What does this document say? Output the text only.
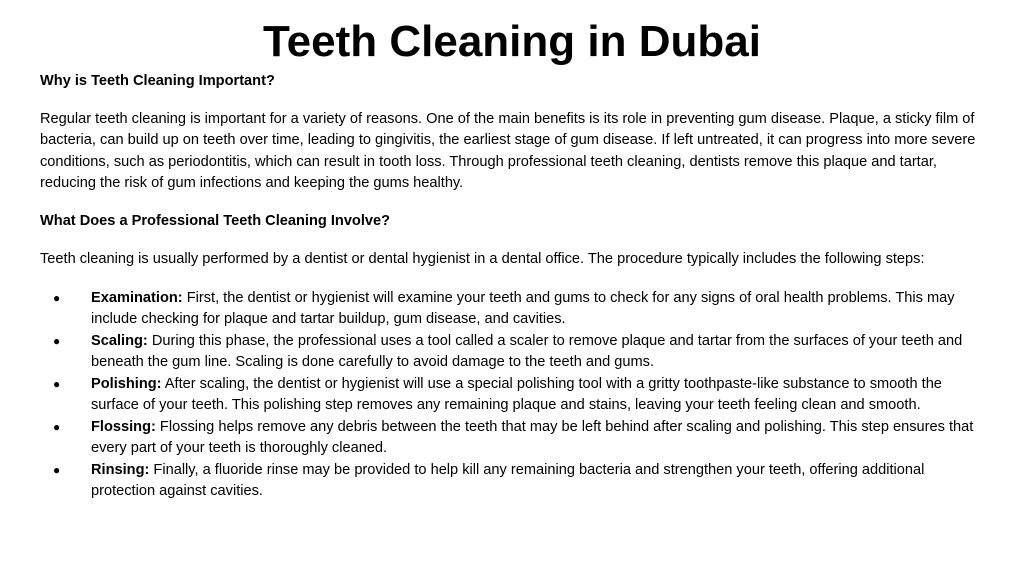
Teeth Cleaning in Dubai

Why is Teeth Cleaning Important?

Regular teeth cleaning is important for a variety of reasons. One of the main benefits is its role in preventing gum disease. Plaque, a sticky film of bacteria, can build up on teeth over time, leading to gingivitis, the earliest stage of gum disease. If left untreated, it can progress into more severe conditions, such as periodontitis, which can result in tooth loss. Through professional teeth cleaning, dentists remove this plaque and tartar, reducing the risk of gum infections and keeping the gums healthy.

What Does a Professional Teeth Cleaning Involve?

Teeth cleaning is usually performed by a dentist or dental hygienist in a dental office. The procedure typically includes the following steps:

● Examination: First, the dentist or hygienist will examine your teeth and gums to check for any signs of oral health problems. This may include checking for plaque and tartar buildup, gum disease, and cavities.
● Scaling: During this phase, the professional uses a tool called a scaler to remove plaque and tartar from the surfaces of your teeth and beneath the gum line. Scaling is done carefully to avoid damage to the teeth and gums.
● Polishing: After scaling, the dentist or hygienist will use a special polishing tool with a gritty toothpaste-like substance to smooth the surface of your teeth. This polishing step removes any remaining plaque and stains, leaving your teeth feeling clean and smooth.
● Flossing: Flossing helps remove any debris between the teeth that may be left behind after scaling and polishing. This step ensures that every part of your teeth is thoroughly cleaned.
● Rinsing: Finally, a fluoride rinse may be provided to help kill any remaining bacteria and strengthen your teeth, offering additional protection against cavities.
